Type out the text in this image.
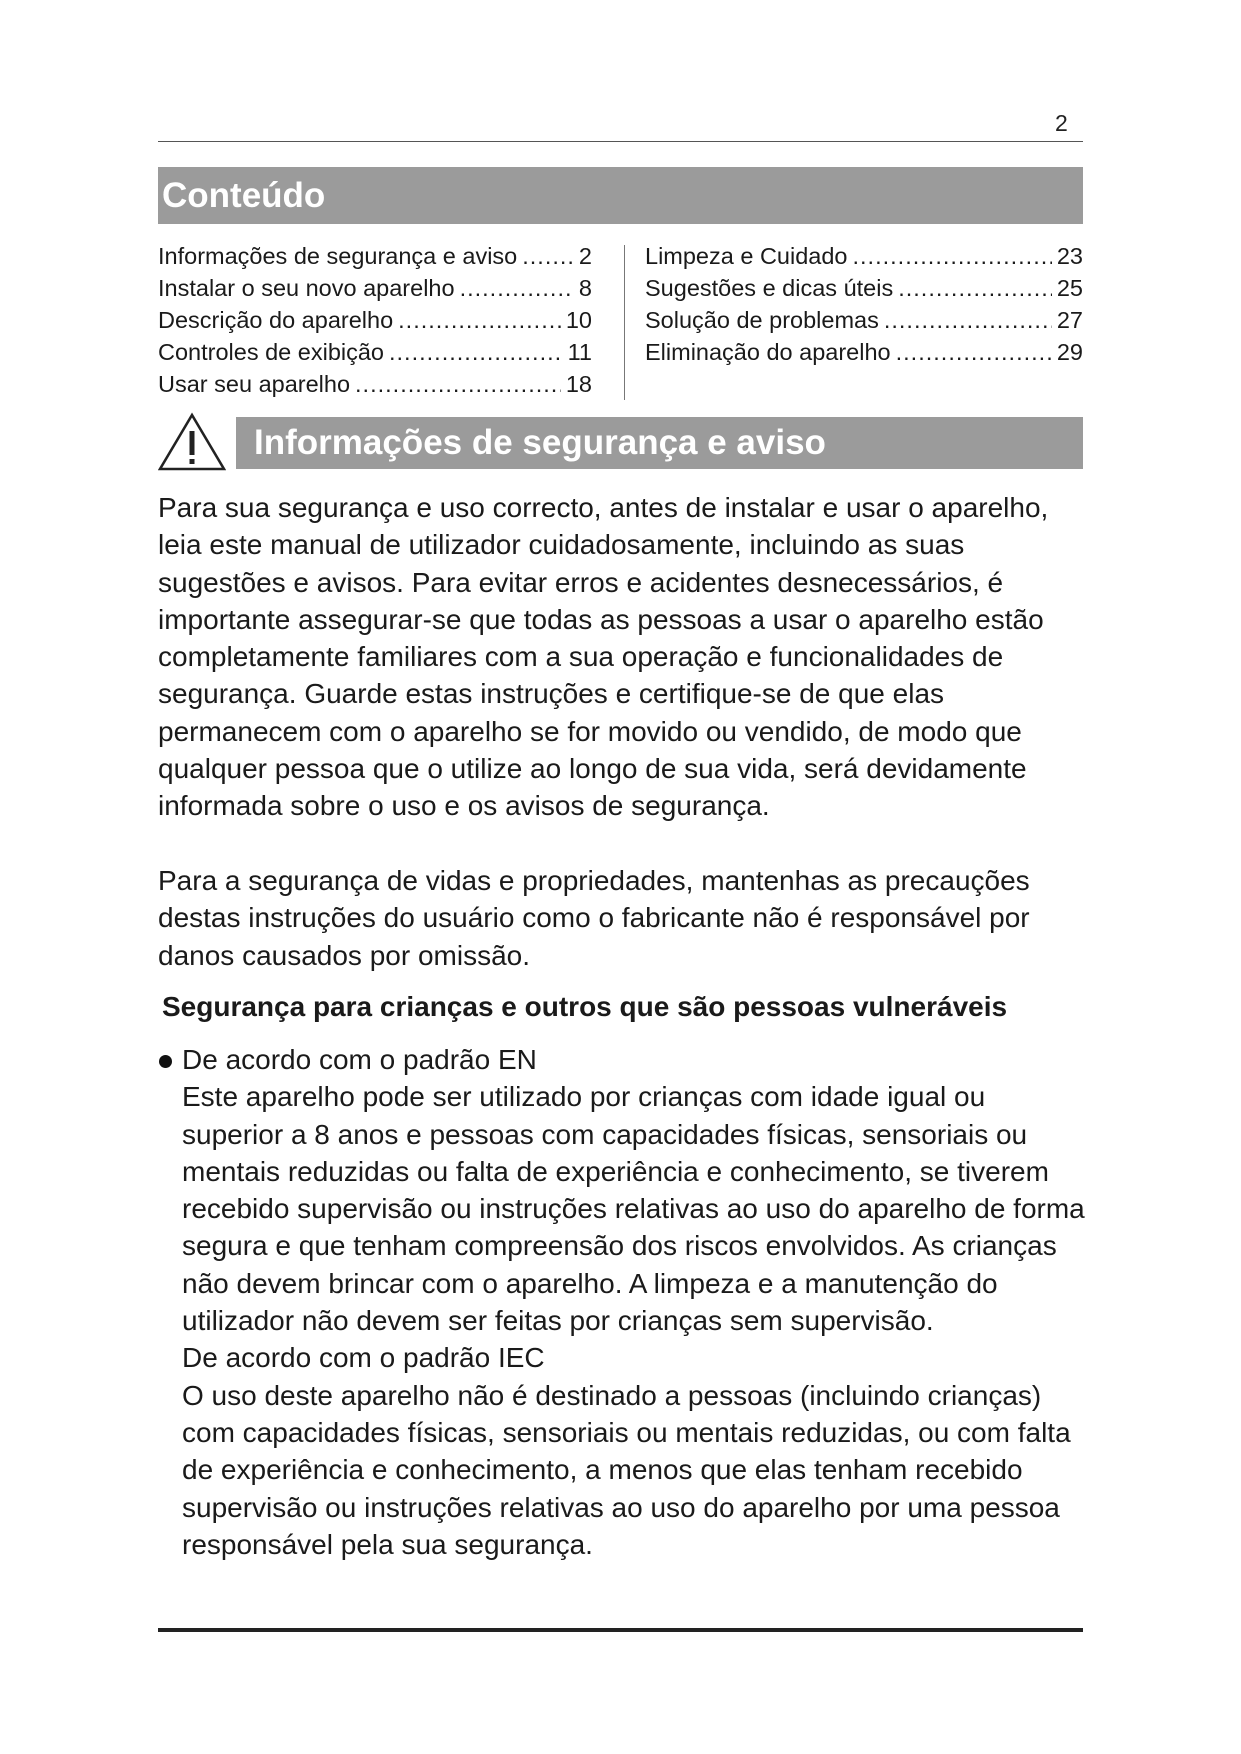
2
Conteúdo
Informações de segurança e aviso .....	2
Instalar o seu novo aparelho .....	8
Descrição do aparelho .....	10
Controles de exibição .....	11
Usar seu aparelho .....	18
Limpeza e Cuidado .....	23
Sugestões e dicas úteis .....	25
Solução de problemas .....	27
Eliminação do aparelho .....	29
Informações de segurança e aviso

Para sua segurança e uso correcto, antes de instalar e usar o aparelho, leia este manual de utilizador cuidadosamente, incluindo as suas sugestões e avisos. Para evitar erros e acidentes desnecessários, é importante assegurar-se que todas as pessoas a usar o aparelho estão completamente familiares com a sua operação e funcionalidades de segurança. Guarde estas instruções e certifique-se de que elas permanecem com o aparelho se for movido ou vendido, de modo que qualquer pessoa que o utilize ao longo de sua vida, será devidamente informada sobre o uso e os avisos de segurança.

Para a segurança de vidas e propriedades, mantenhas as precauções destas instruções do usuário como o fabricante não é responsável por danos causados por omissão.

Segurança para crianças e outros que são pessoas vulneráveis
De acordo com o padrão EN
Este aparelho pode ser utilizado por crianças com idade igual ou superior a 8 anos e pessoas com capacidades físicas, sensoriais ou mentais reduzidas ou falta de experiência e conhecimento, se tiverem recebido supervisão ou instruções relativas ao uso do aparelho de forma segura e que tenham compreensão dos riscos envolvidos. As crianças não devem brincar com o aparelho. A limpeza e a manutenção do utilizador não devem ser feitas por crianças sem supervisão.
De acordo com o padrão IEC
O uso deste aparelho não é destinado a pessoas (incluindo crianças) com capacidades físicas, sensoriais ou mentais reduzidas, ou com falta de experiência e conhecimento, a menos que elas tenham recebido supervisão ou instruções relativas ao uso do aparelho por uma pessoa responsável pela sua segurança.
